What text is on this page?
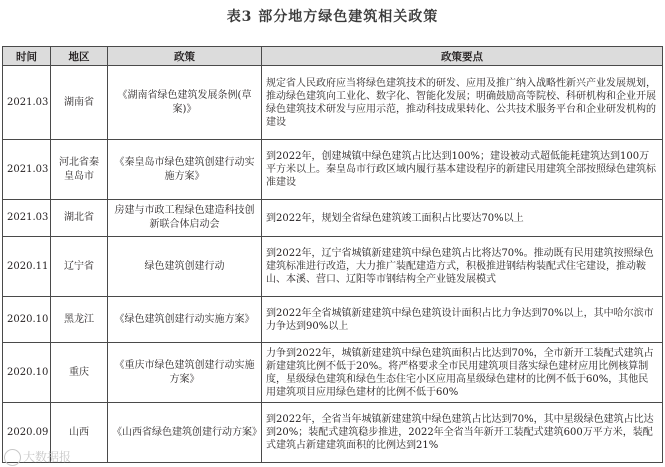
表3 部分地方绿色建筑相关政策
时间	地区	政策	政策要点
2021.03	湖南省	《湖南省绿色建筑发展条例(草案)》	规定省人民政府应当将绿色建筑技术的研发、应用及推广纳入战略性新兴产业发展规划，推动绿色建筑向工业化、数字化、智能化发展；明确鼓励高等院校、科研机构和企业开展绿色建筑技术研发与应用示范，推动科技成果转化、公共技术服务平台和企业研发机构的建设
2021.03	河北省秦皇岛市	《秦皇岛市绿色建筑创建行动实施方案》	到2022年，创建城镇中绿色建筑占比达到100%；建设被动式超低能耗建筑达到100万平方米以上。秦皇岛市行政区域内履行基本建设程序的新建民用建筑全部按照绿色建筑标准建设
2021.03	湖北省	房建与市政工程绿色建造科技创新联合体启动会	到2022年，规划全省绿色建筑竣工面积占比要达70%以上
2020.11	辽宁省	绿色建筑创建行动	到2022年，辽宁省城镇新建建筑中绿色建筑占比将达70%。推动既有民用建筑按照绿色建筑标准进行改造，大力推广装配建造方式，积极推进钢结构装配式住宅建设，推动鞍山、本溪、营口、辽阳等市钢结构全产业链发展模式
2020.10	黑龙江	《绿色建筑创建行动实施方案》	到2022年全省城镇新建建筑中绿色建筑设计面积占比力争达到70%以上，其中哈尔滨市力争达到90%以上
2020.10	重庆	《重庆市绿色建筑创建行动实施方案》	力争到2022年，城镇新建建筑中绿色建筑面积占比达到70%，全市新开工装配式建筑占新建建筑比例不低于20%。将严格要求全市民用建筑项目落实绿色建材应用比例核算制度，星级绿色建筑和绿色生态住宅小区应用高星级绿色建材的比例不低于60%，其他民用建筑项目应用绿色建材的比例不低于60%
2020.09	山西	《山西省绿色建筑创建行动方案》	到2022年，全省当年城镇新建建筑中绿色建筑占比达到70%，其中星级绿色建筑占比达到20%；装配式建筑稳步推进，2022年全省当年新开工装配式建筑600万平方米，装配式建筑占新建建筑面积的比例达到21%
大数据报
